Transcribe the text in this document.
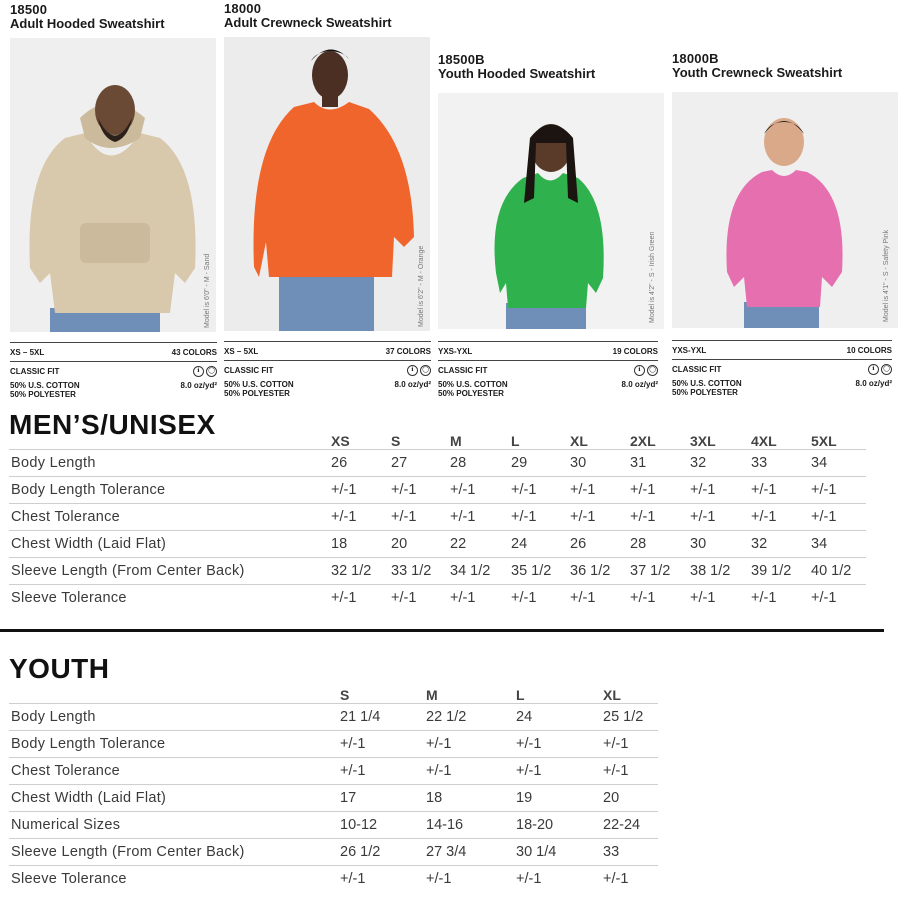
18500
Adult Hooded Sweatshirt
Model is 6'0" - M - Sand
XS – 5XL	43 COLORS
CLASSIC FIT	ℹ	◯
50% U.S. COTTON
50% POLYESTER
8.0 oz/yd²
18000
Adult Crewneck Sweatshirt
Model is 6'2" - M - Orange
XS – 5XL	37 COLORS
CLASSIC FIT	ℹ	◯
50% U.S. COTTON
50% POLYESTER
8.0 oz/yd²
18500B
Youth Hooded Sweatshirt
Model is 4'2" - S - Irish Green
YXS-YXL	19 COLORS
CLASSIC FIT	ℹ	◯
50% U.S. COTTON
50% POLYESTER
8.0 oz/yd²
18000B
Youth Crewneck Sweatshirt
Model is 4'1" - S - Safety Pink
YXS-YXL	10 COLORS
CLASSIC FIT	ℹ	◯
50% U.S. COTTON
50% POLYESTER
8.0 oz/yd²
MEN’S/UNISEX
	XS	S	M	L	XL	2XL	3XL	4XL	5XL
Body Length	26	27	28	29	30	31	32	33	34
Body Length Tolerance	+/-1	+/-1	+/-1	+/-1	+/-1	+/-1	+/-1	+/-1	+/-1
Chest Tolerance	+/-1	+/-1	+/-1	+/-1	+/-1	+/-1	+/-1	+/-1	+/-1
Chest Width (Laid Flat)	18	20	22	24	26	28	30	32	34
Sleeve Length (From Center Back)	32 1/2	33 1/2	34 1/2	35 1/2	36 1/2	37 1/2	38 1/2	39 1/2	40 1/2
Sleeve Tolerance	+/-1	+/-1	+/-1	+/-1	+/-1	+/-1	+/-1	+/-1	+/-1
YOUTH
	S	M	L	XL
Body Length	21 1/4	22 1/2	24	25 1/2
Body Length Tolerance	+/-1	+/-1	+/-1	+/-1
Chest Tolerance	+/-1	+/-1	+/-1	+/-1
Chest Width (Laid Flat)	17	18	19	20
Numerical Sizes	10-12	14-16	18-20	22-24
Sleeve Length (From Center Back)	26 1/2	27 3/4	30 1/4	33
Sleeve Tolerance	+/-1	+/-1	+/-1	+/-1
